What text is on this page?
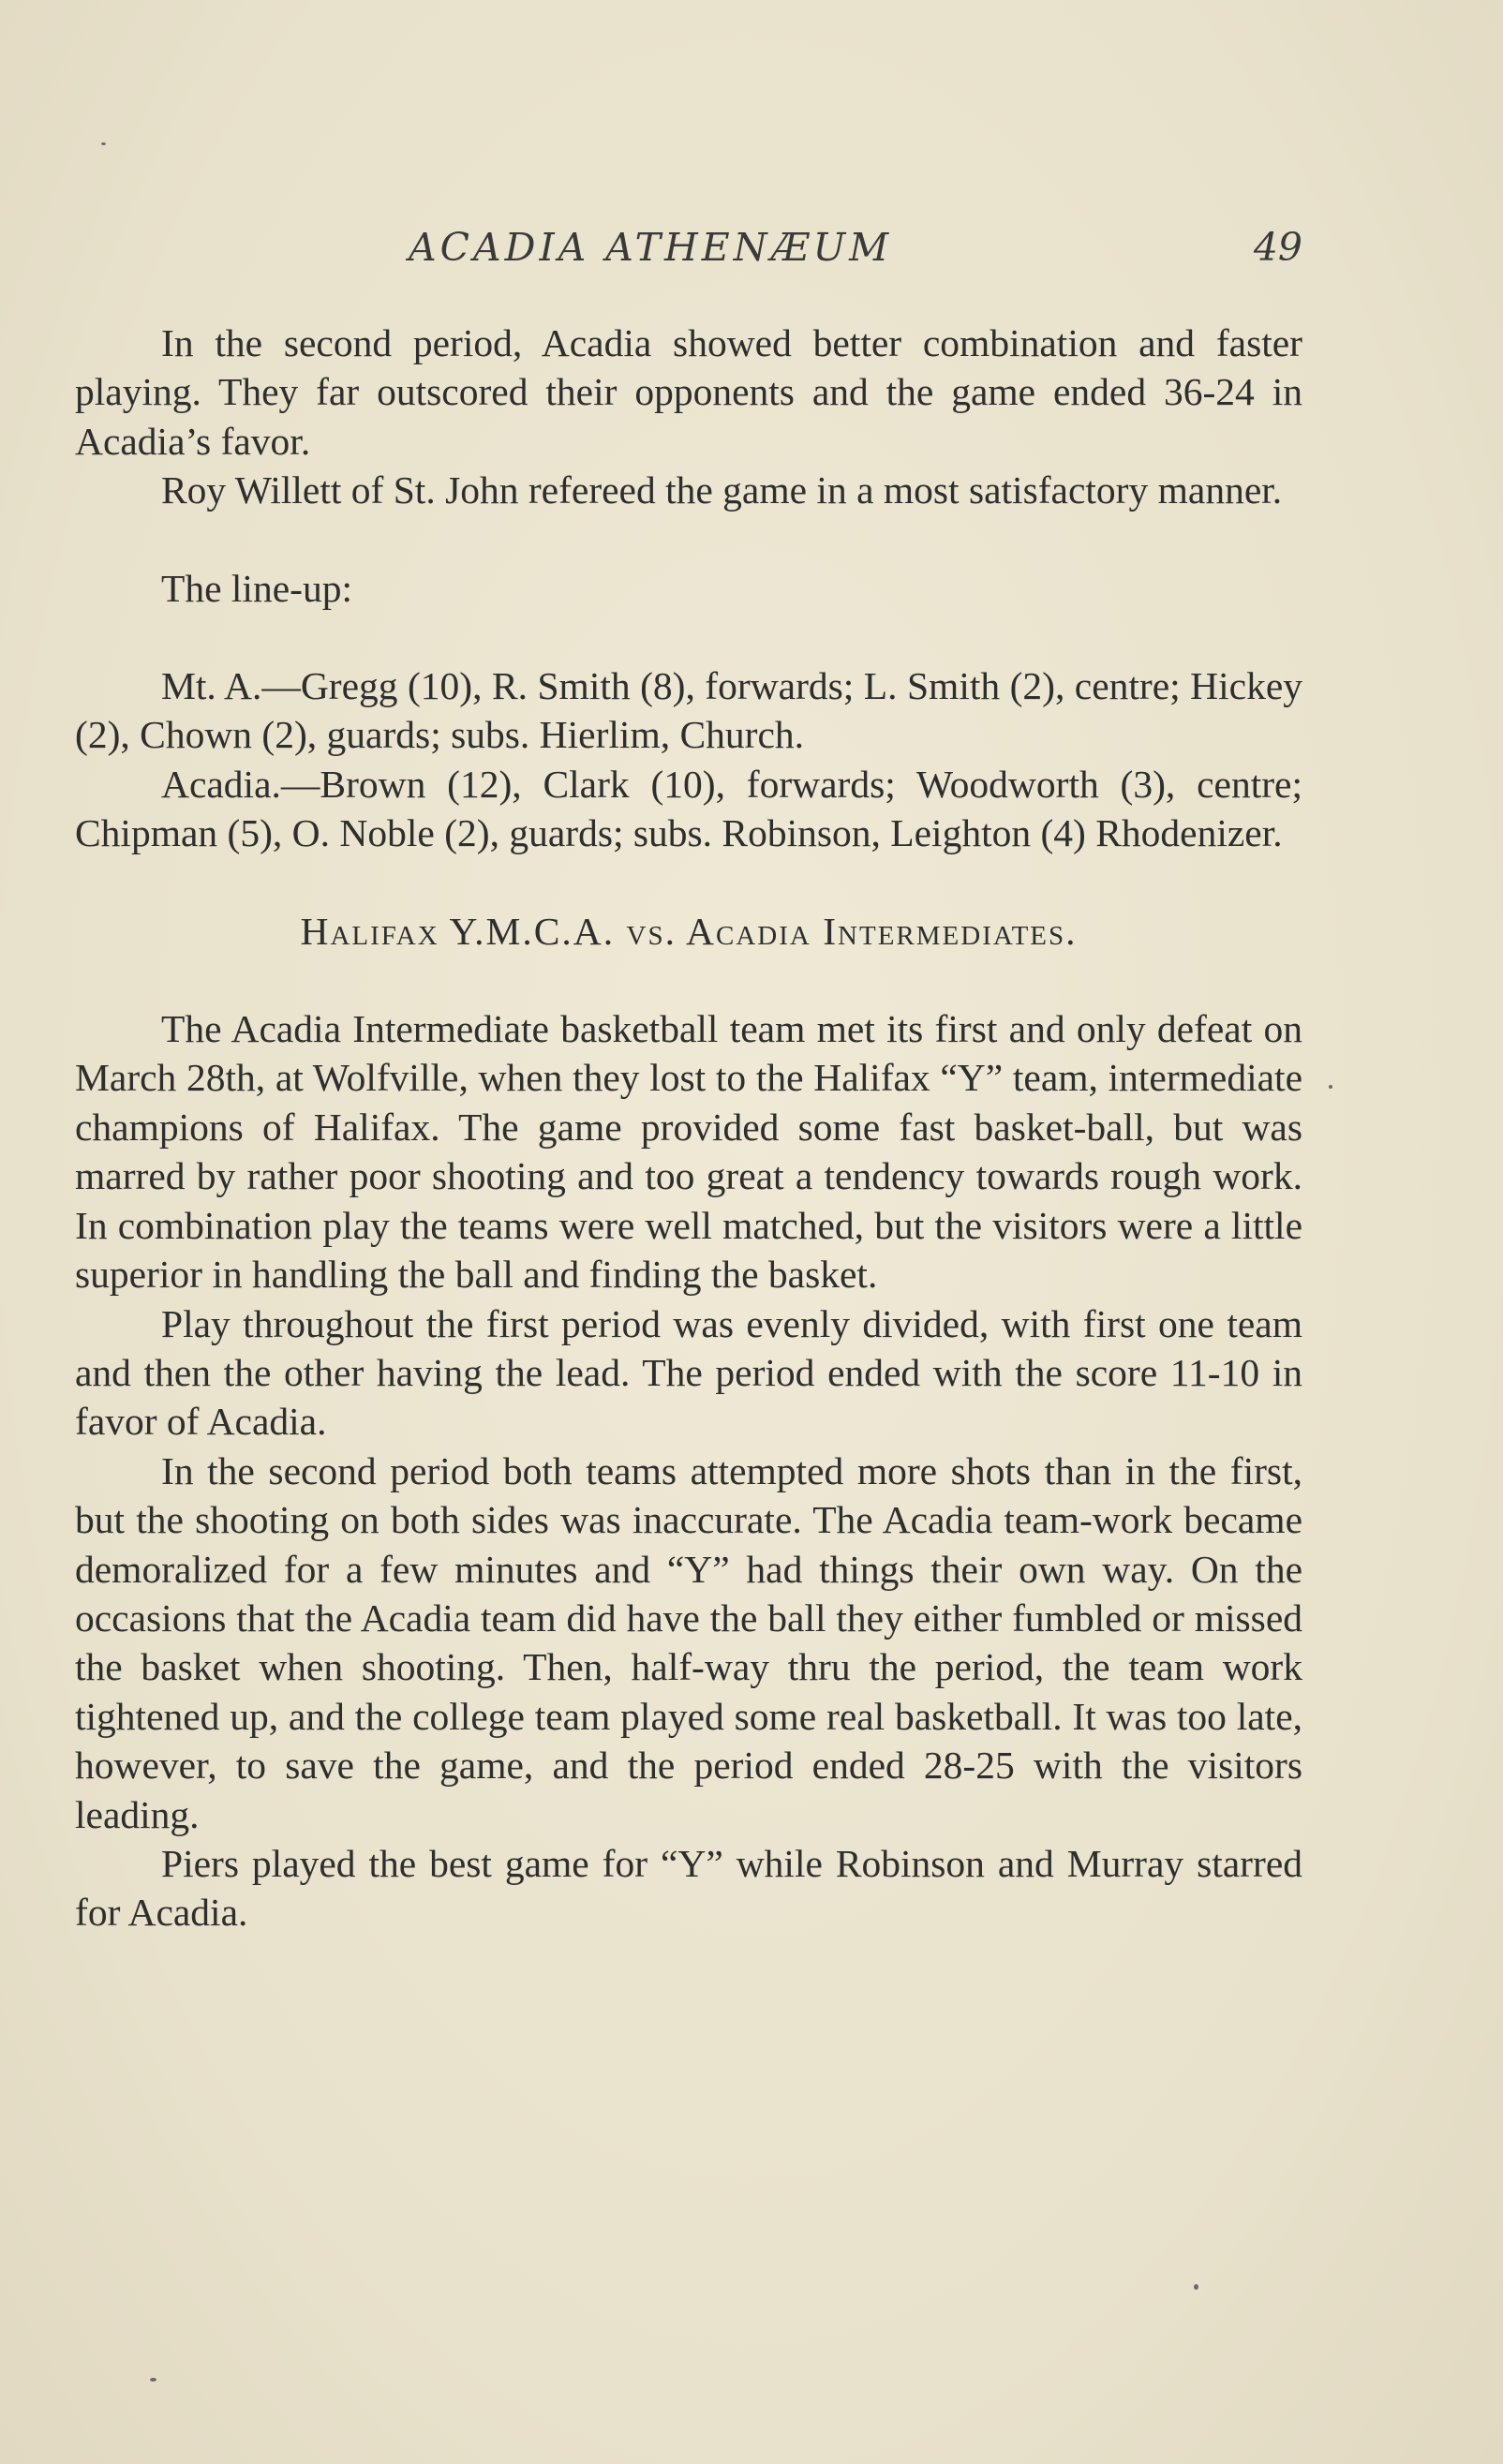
ACADIA ATHENÆUM	49

In the second period, Acadia showed better combination and faster playing. They far outscored their opponents and the game ended 36-24 in Acadia’s favor.

Roy Willett of St. John refereed the game in a most satisfactory manner.

The line-up:

Mt. A.—Gregg (10), R. Smith (8), forwards; L. Smith (2), centre; Hickey (2), Chown (2), guards; subs. Hierlim, Church.

Acadia.—Brown (12), Clark (10), forwards; Woodworth (3), centre; Chipman (5), O. Noble (2), guards; subs. Robinson, Leighton (4) Rhodenizer.

Halifax Y.M.C.A. vs. Acadia Intermediates.

The Acadia Intermediate basketball team met its first and only defeat on March 28th, at Wolfville, when they lost to the Halifax “Y” team, intermediate champions of Halifax. The game provided some fast basket-ball, but was marred by rather poor shooting and too great a tendency towards rough work. In combination play the teams were well matched, but the visitors were a little superior in handling the ball and finding the basket.

Play throughout the first period was evenly divided, with first one team and then the other having the lead. The period ended with the score 11-10 in favor of Acadia.

In the second period both teams attempted more shots than in the first, but the shooting on both sides was inaccurate. The Acadia team-work became demoralized for a few minutes and “Y” had things their own way. On the occasions that the Acadia team did have the ball they either fumbled or missed the basket when shooting. Then, half-way thru the period, the team work tightened up, and the college team played some real basketball. It was too late, however, to save the game, and the period ended 28-25 with the visitors leading.

Piers played the best game for “Y” while Robinson and Murray starred for Acadia.
